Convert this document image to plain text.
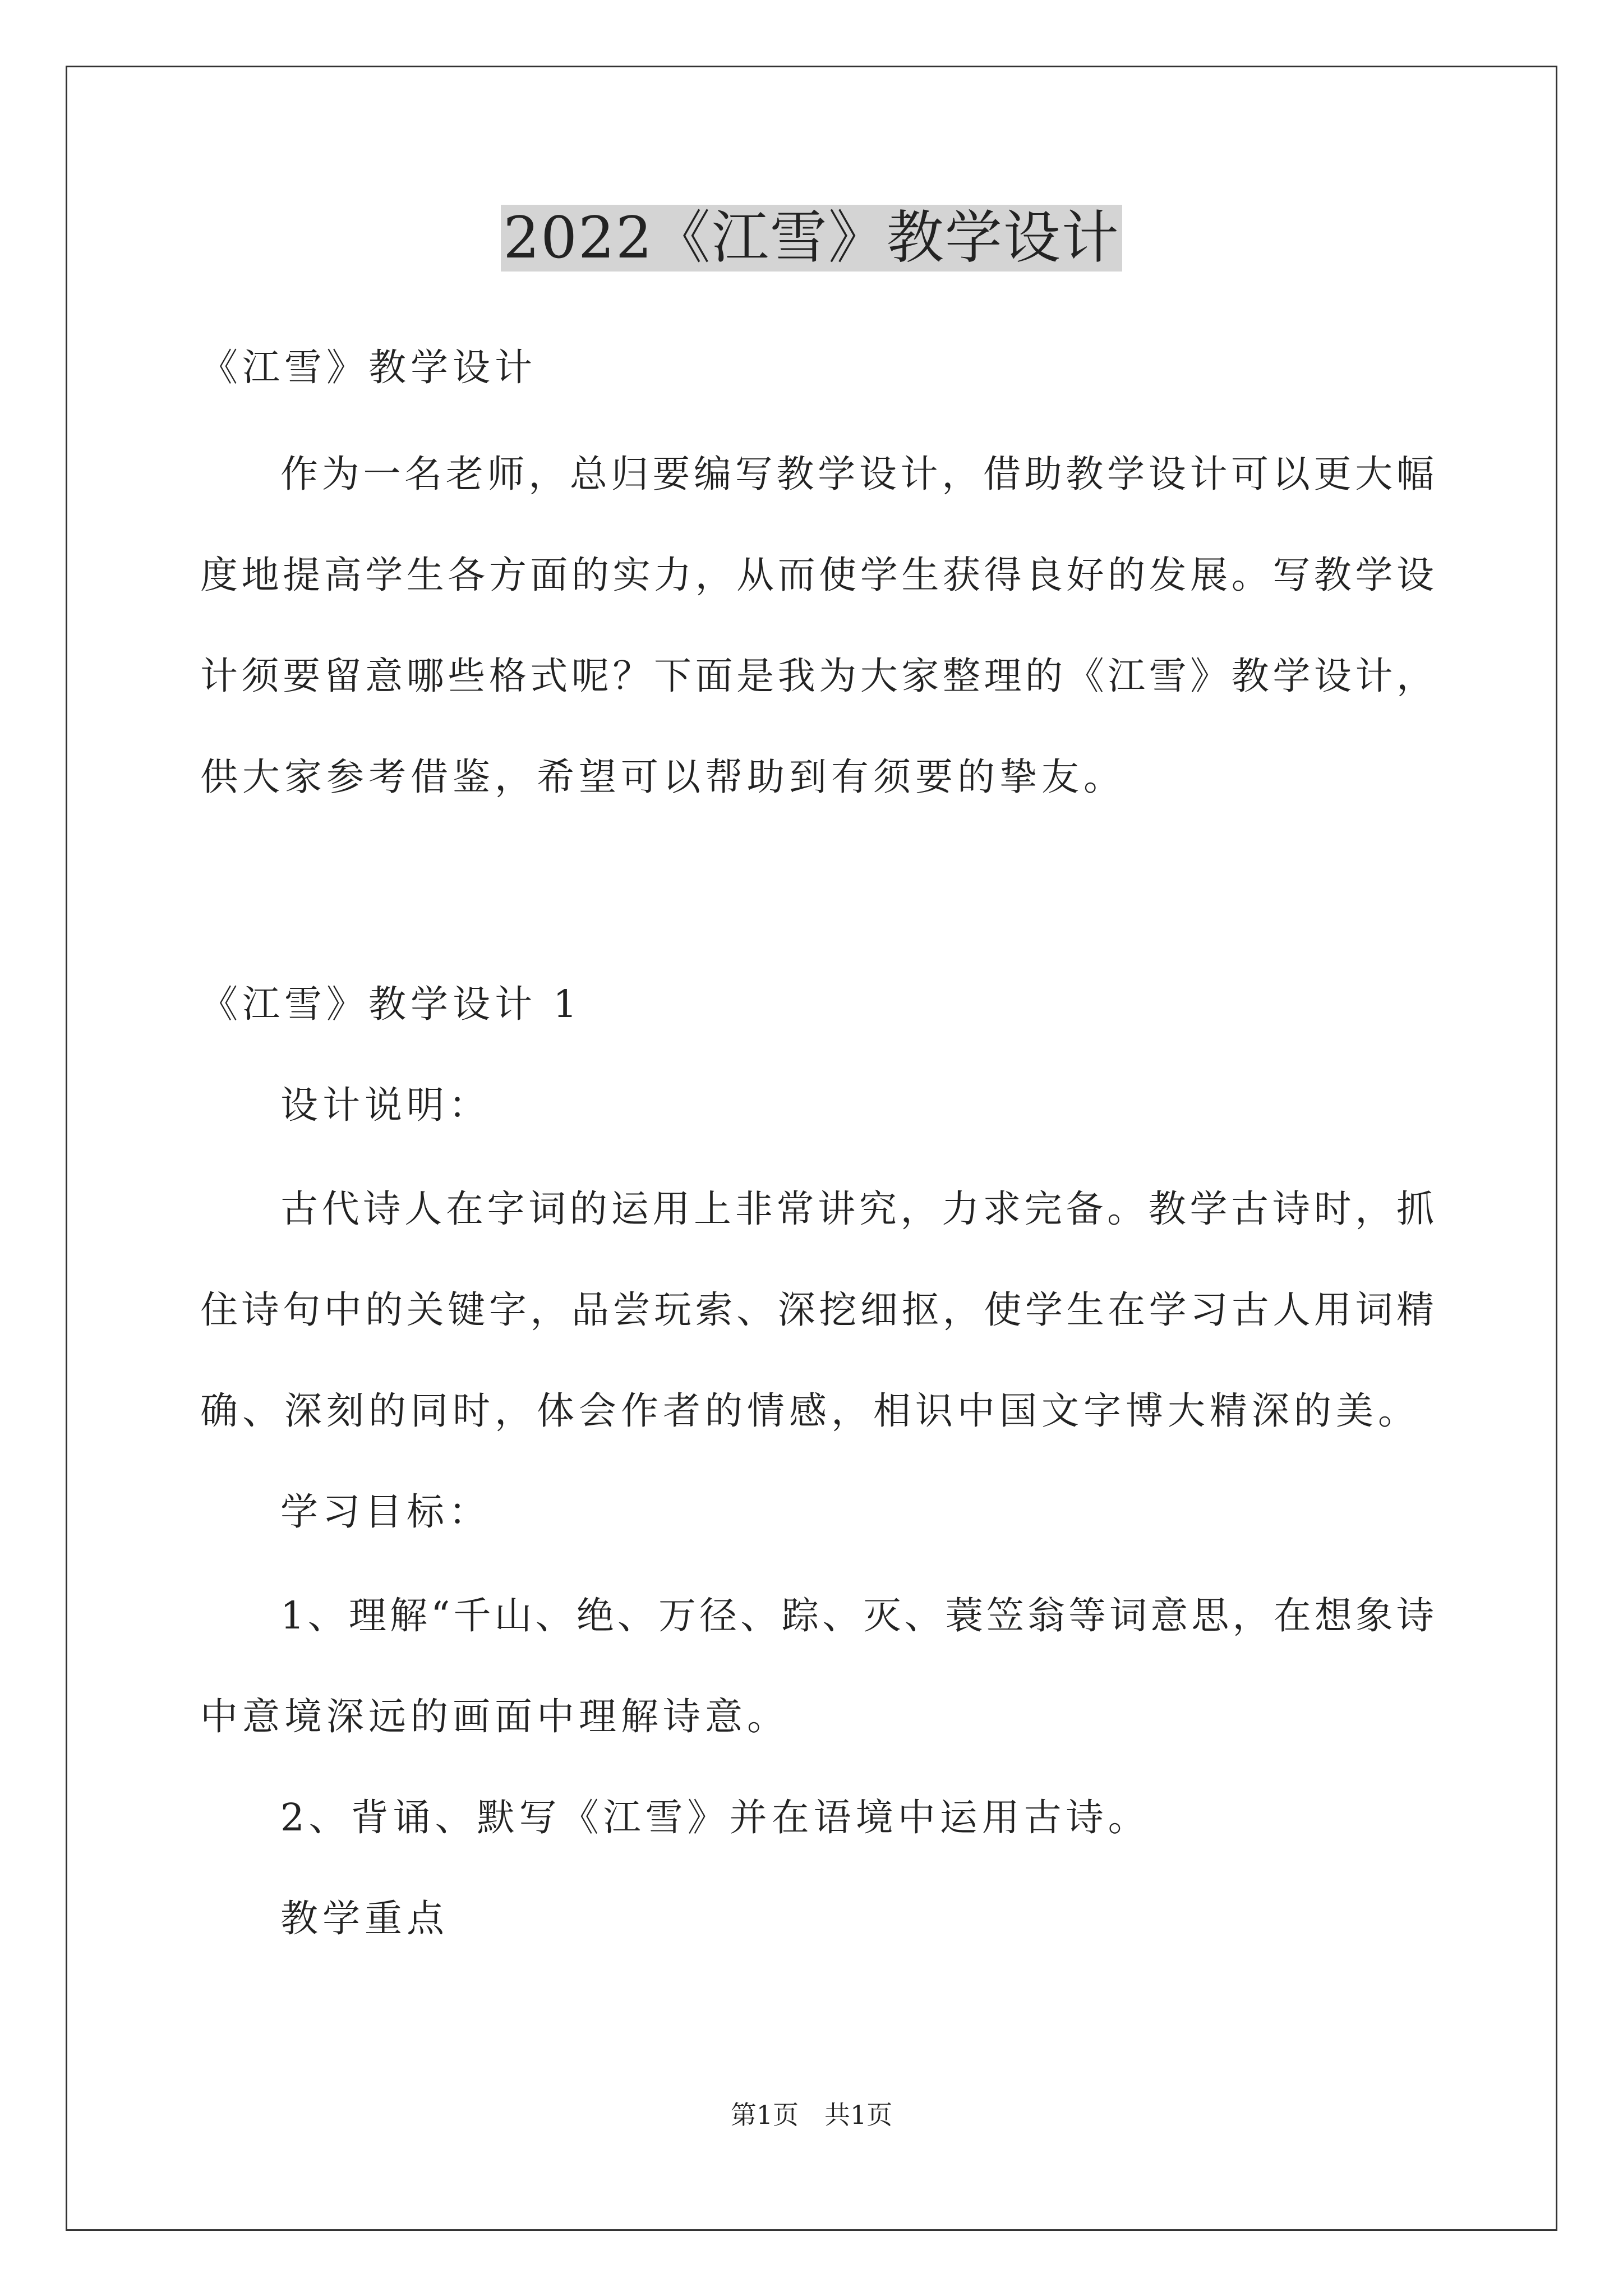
2022《江雪》教学设计
《江雪》教学设计
作为一名老师，总归要编写教学设计，借助教学设计可以更大幅
度地提高学生各方面的实力，从而使学生获得良好的发展。写教学设
计须要留意哪些格式呢？下面是我为大家整理的《江雪》教学设计，
供大家参考借鉴，希望可以帮助到有须要的挚友。
《江雪》教学设计 1
设计说明：
古代诗人在字词的运用上非常讲究，力求完备。教学古诗时，抓
住诗句中的关键字，品尝玩索、深挖细抠，使学生在学习古人用词精
确、深刻的同时，体会作者的情感，相识中国文字博大精深的美。
学习目标：
1、理解“千山、绝、万径、踪、灭、蓑笠翁等词意思，在想象诗
中意境深远的画面中理解诗意。
2、背诵、默写《江雪》并在语境中运用古诗。
教学重点
第1页　共1页
